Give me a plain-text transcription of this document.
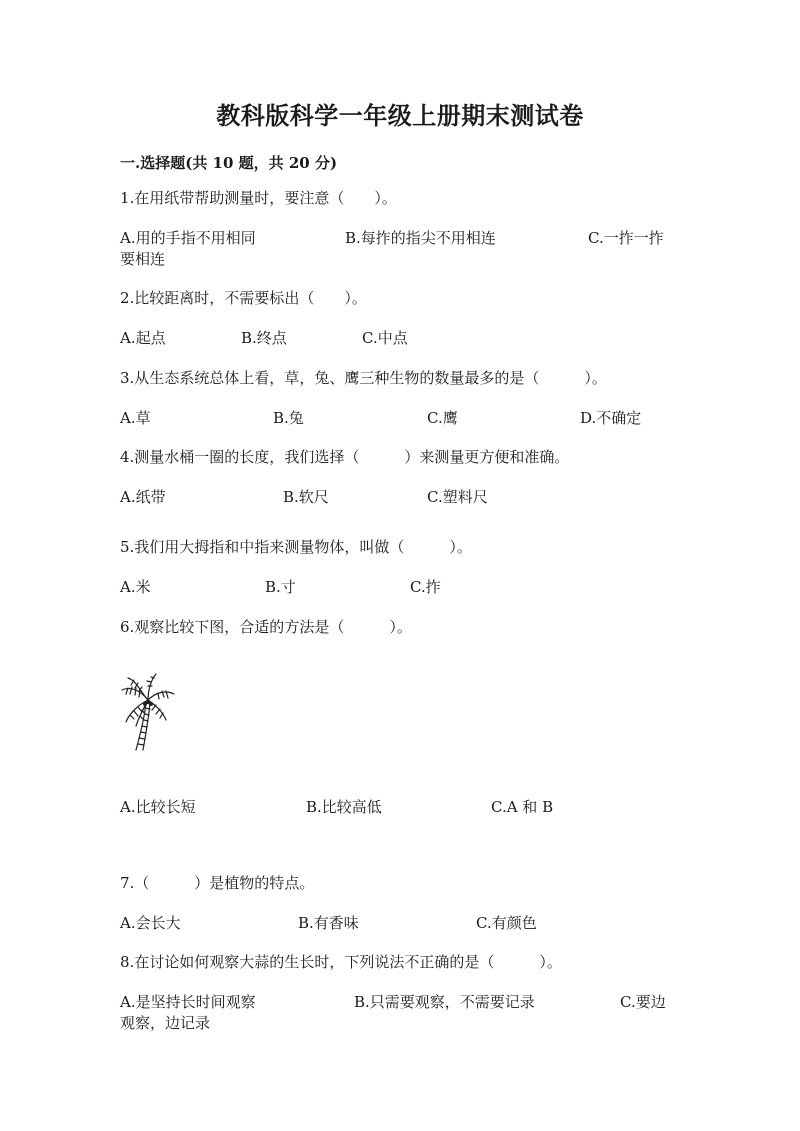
教科版科学一年级上册期末测试卷
一.选择题(共 10 题，共 20 分)
1.在用纸带帮助测量时，要注意（　　）。
A.用的手指不用相同	B.每拃的指尖不用相连	C.一拃一拃
要相连
2.比较距离时，不需要标出（　　）。
A.起点	B.终点	C.中点
3.从生态系统总体上看，草，兔、鹰三种生物的数量最多的是（　　　）。
A.草	B.兔	C.鹰	D.不确定
4.测量水桶一圈的长度，我们选择（　　　）来测量更方便和准确。
A.纸带	B.软尺	C.塑料尺
5.我们用大拇指和中指来测量物体，叫做（　　　）。
A.米	B.寸	C.拃
6.观察比较下图，合适的方法是（　　　）。
A.比较长短	B.比较高低	C.A 和 B
7.（　　　）是植物的特点。
A.会长大	B.有香味	C.有颜色
8.在讨论如何观察大蒜的生长时，下列说法不正确的是（　　　）。
A.是坚持长时间观察	B.只需要观察，不需要记录	C.要边
观察，边记录
